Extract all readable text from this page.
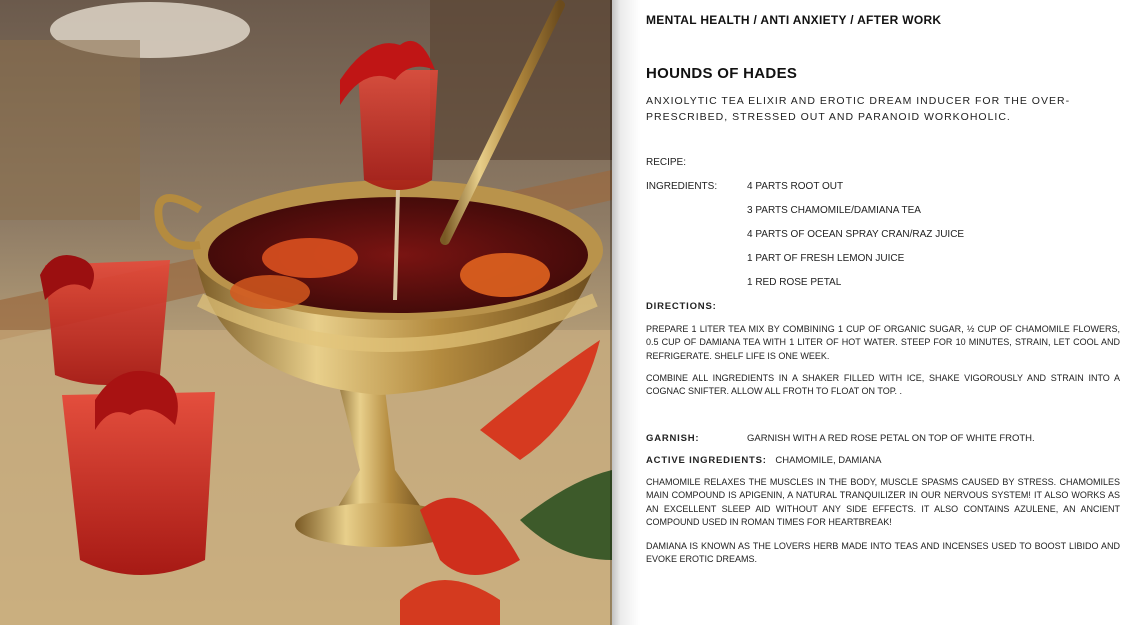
MENTAL HEALTH / ANTI ANXIETY / AFTER WORK
HOUNDS OF HADES
ANXIOLYTIC TEA ELIXIR AND EROTIC DREAM INDUCER FOR THE OVER-PRESCRIBED, STRESSED OUT AND PARANOID WORKOHOLIC.
RECIPE:
INGREDIENTS:	4 PARTS ROOT OUT
3 PARTS CHAMOMILE/DAMIANA TEA
4 PARTS OF OCEAN SPRAY CRAN/RAZ JUICE
1 PART OF FRESH LEMON JUICE
1 RED ROSE PETAL
DIRECTIONS:

PREPARE 1 LITER TEA MIX BY COMBINING 1 CUP OF ORGANIC SUGAR, ½ CUP OF CHAMOMILE FLOWERS, 0.5 CUP OF DAMIANA TEA WITH 1 LITER OF HOT WATER. STEEP FOR 10 MINUTES, STRAIN, LET COOL AND REFRIGERATE. SHELF LIFE IS ONE WEEK.

COMBINE ALL INGREDIENTS IN A SHAKER FILLED WITH ICE, SHAKE VIGOROUSLY AND STRAIN INTO A COGNAC SNIFTER. ALLOW ALL FROTH TO FLOAT ON TOP. .

GARNISH:	GARNISH WITH A RED ROSE PETAL ON TOP OF WHITE FROTH.
ACTIVE INGREDIENTS: CHAMOMILE, DAMIANA

CHAMOMILE RELAXES THE MUSCLES IN THE BODY, MUSCLE SPASMS CAUSED BY STRESS. CHAMOMILES MAIN COMPOUND IS APIGENIN, A NATURAL TRANQUILIZER IN OUR NERVOUS SYSTEM! IT ALSO WORKS AS AN EXCELLENT SLEEP AID WITHOUT ANY SIDE EFFECTS. IT ALSO CONTAINS AZULENE, AN ANCIENT COMPOUND USED IN ROMAN TIMES FOR HEARTBREAK!

DAMIANA IS KNOWN AS THE LOVERS HERB MADE INTO TEAS AND INCENSES USED TO BOOST LIBIDO AND EVOKE EROTIC DREAMS.
